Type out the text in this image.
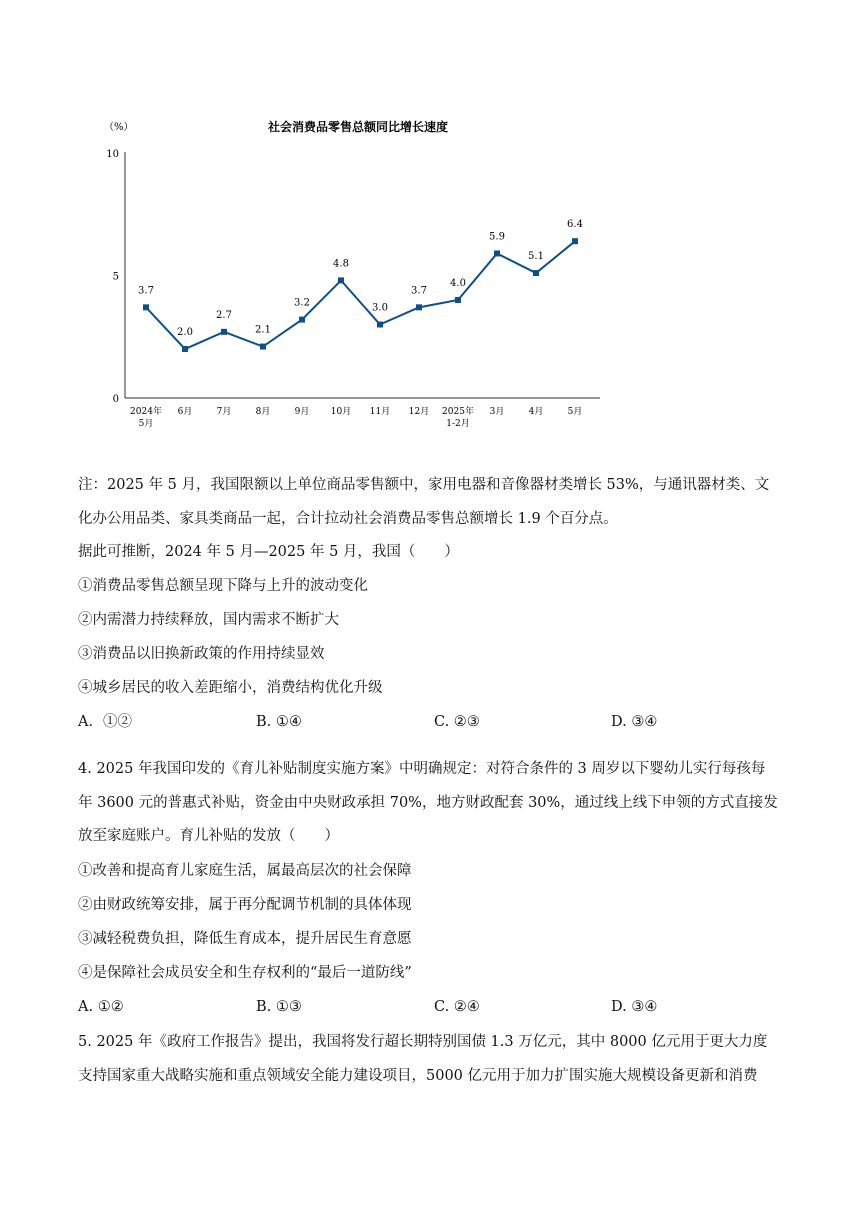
（%）	社会消费品零售总额同比增长速度
0
5
10
3.7
2.0
2.7
2.1
3.2
4.8
3.0
3.7
4.0
5.9
5.1
6.4
2024年
5月
6月	7月	8月	9月 10月 11月 12月 2025年
1-2月
3月	4月	5月
注：2025 年 5 月，我国限额以上单位商品零售额中，家用电器和音像器材类增长 53%，与通讯器材类、文
化办公用品类、家具类商品一起，合计拉动社会消费品零售总额增长 1.9 个百分点。
据此可推断，2024 年 5 月—2025 年 5 月，我国（　　）
①消费品零售总额呈现下降与上升的波动变化
②内需潜力持续释放，国内需求不断扩大
③消费品以旧换新政策的作用持续显效
④城乡居民的收入差距缩小，消费结构优化升级
A．①②	B. ①④	C. ②③	D. ③④
4. 2025 年我国印发的《育儿补贴制度实施方案》中明确规定：对符合条件的 3 周岁以下婴幼儿实行每孩每
年 3600 元的普惠式补贴，资金由中央财政承担 70%，地方财政配套 30%，通过线上线下申领的方式直接发
放至家庭账户。育儿补贴的发放（　　）
①改善和提高育儿家庭生活，属最高层次的社会保障
②由财政统筹安排，属于再分配调节机制的具体体现
③减轻税费负担，降低生育成本，提升居民生育意愿
④是保障社会成员安全和生存权利的“最后一道防线”
A. ①②	B. ①③	C. ②④	D. ③④
5. 2025 年《政府工作报告》提出，我国将发行超长期特别国债 1.3 万亿元，其中 8000 亿元用于更大力度
支持国家重大战略实施和重点领域安全能力建设项目，5000 亿元用于加力扩围实施大规模设备更新和消费
